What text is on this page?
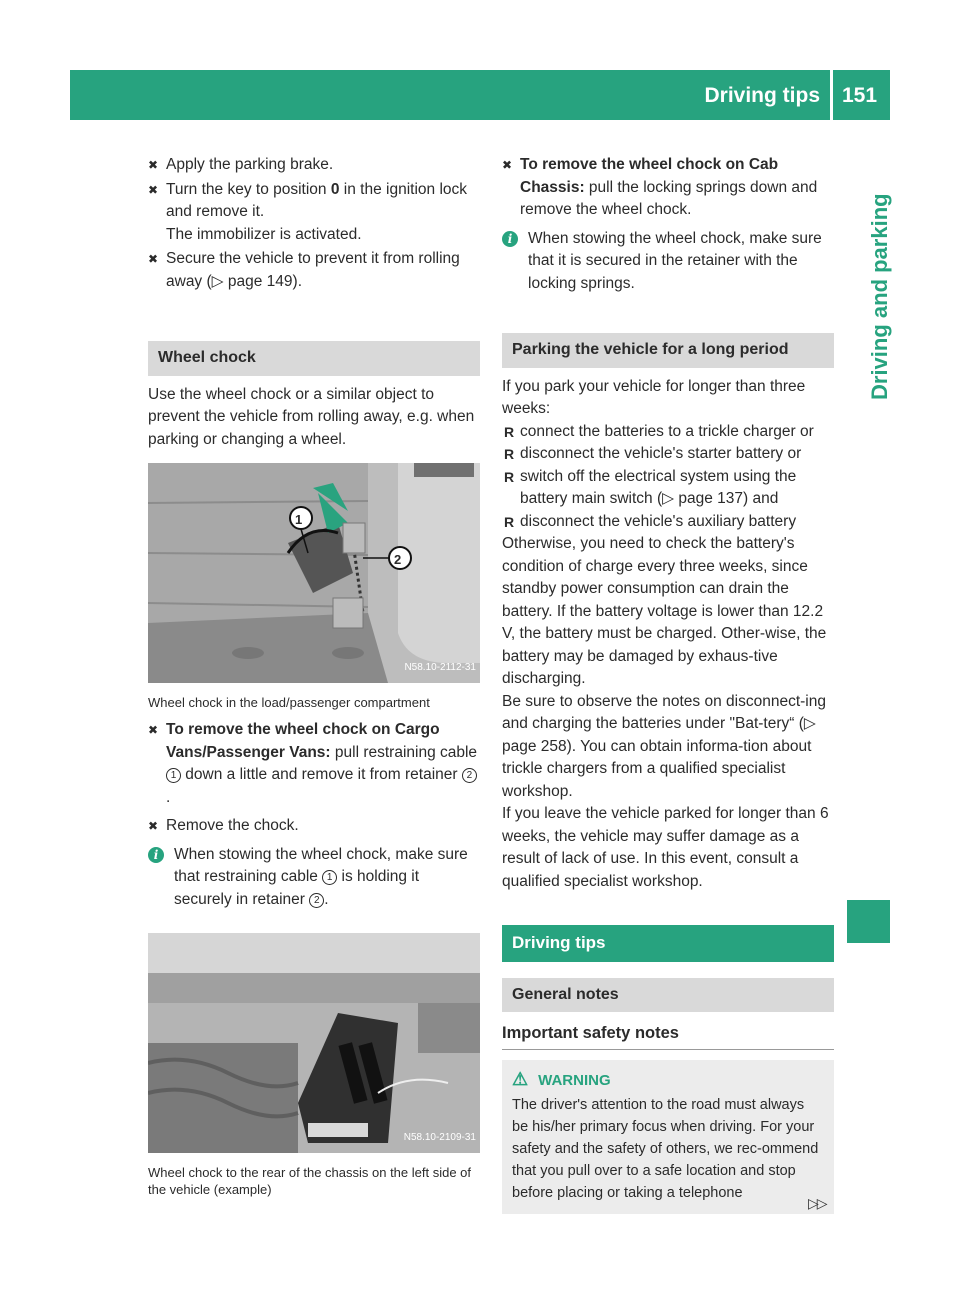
Driving tips 151
Driving and parking
✖ Apply the parking brake.
✖ Turn the key to position 0 in the ignition lock and remove it.
The immobilizer is activated.
✖ Secure the vehicle to prevent it from rolling away (▷ page 149).
Wheel chock

Use the wheel chock or a similar object to prevent the vehicle from rolling away, e.g. when parking or changing a wheel.

1
2
N58.10-2112-31
Wheel chock in the load/passenger compartment
✖ To remove the wheel chock on Cargo Vans/Passenger Vans: pull restraining cable 1 down a little and remove it from retainer 2.
✖ Remove the chock.
i	When stowing the wheel chock, make sure that restraining cable 1 is holding it securely in retainer 2 .
N58.10-2109-31
Wheel chock to the rear of the chassis on the left side of the vehicle (example)
✖ To remove the wheel chock on Cab Chassis: pull the locking springs down and remove the wheel chock.
i	When stowing the wheel chock, make sure that it is secured in the retainer with the locking springs.
Parking the vehicle for a long period

If you park your vehicle for longer than three weeks:

R connect the batteries to a trickle charger or
R disconnect the vehicle's starter battery or
R switch off the electrical system using the battery main switch (▷ page 137) and
R disconnect the vehicle's auxiliary battery

Otherwise, you need to check the battery's condition of charge every three weeks, since standby power consumption can drain the battery. If the battery voltage is lower than 12.2 V, the battery must be charged. Other-wise, the battery may be damaged by exhaus-tive discharging.

Be sure to observe the notes on disconnect-ing and charging the batteries under "Bat-tery“ (▷ page 258). You can obtain informa-tion about trickle chargers from a qualified specialist workshop.

If you leave the vehicle parked for longer than 6 weeks, the vehicle may suffer damage as a result of lack of use. In this event, consult a qualified specialist workshop.

Driving tips
General notes
Important safety notes
⚠ WARNING
The driver's attention to the road must always be his/her primary focus when driving. For your safety and the safety of others, we rec-ommend that you pull over to a safe location and stop before placing or taking a telephone
▷▷
